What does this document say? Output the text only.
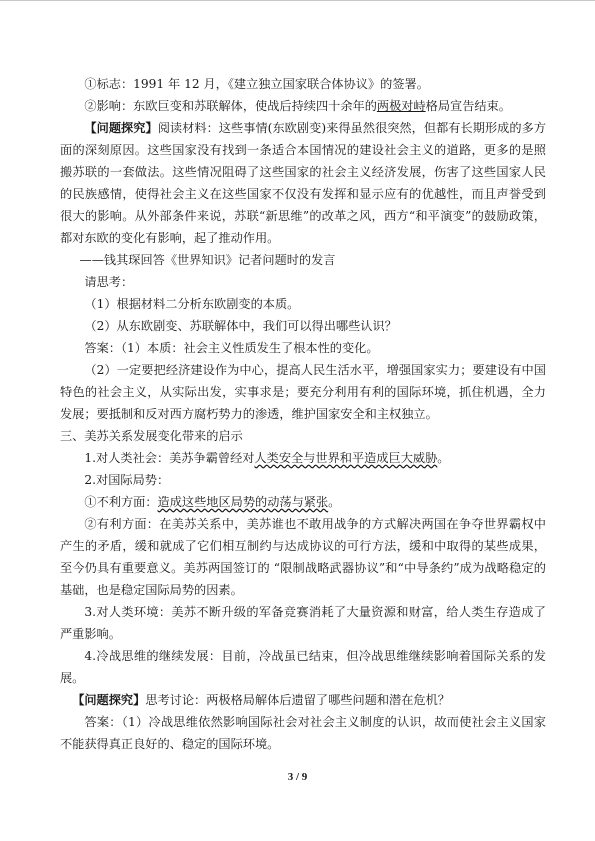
①标志：1991 年 12 月，《建立独立国家联合体协议》的签署。

②影响：东欧巨变和苏联解体，使战后持续四十余年的两极对峙格局宣告结束。

【问题探究】阅读材料：这些事情(东欧剧变)来得虽然很突然，但都有长期形成的多方面的深刻原因。这些国家没有找到一条适合本国情况的建设社会主义的道路，更多的是照搬苏联的一套做法。这些情况阻碍了这些国家的社会主义经济发展，伤害了这些国家人民的民族感情，使得社会主义在这些国家不仅没有发挥和显示应有的优越性，而且声誉受到很大的影响。从外部条件来说，苏联“新思维”的改革之风，西方“和平演变”的鼓励政策，都对东欧的变化有影响，起了推动作用。

——钱其琛回答《世界知识》记者问题时的发言

请思考：

（1）根据材料二分析东欧剧变的本质。

（2）从东欧剧变、苏联解体中，我们可以得出哪些认识？

答案：（1）本质：社会主义性质发生了根本性的变化。

（2）一定要把经济建设作为中心，提高人民生活水平，增强国家实力；要建设有中国特色的社会主义，从实际出发，实事求是；要充分利用有利的国际环境，抓住机遇，全力发展；要抵制和反对西方腐朽势力的渗透，维护国家安全和主权独立。

三、美苏关系发展变化带来的启示

1.对人类社会：美苏争霸曾经对人类安全与世界和平造成巨大威胁。

2.对国际局势：

①不利方面：造成这些地区局势的动荡与紧张。

②有利方面：在美苏关系中，美苏谁也不敢用战争的方式解决两国在争夺世界霸权中产生的矛盾，缓和就成了它们相互制约与达成协议的可行方法，缓和中取得的某些成果，至今仍具有重要意义。美苏两国签订的 “限制战略武器协议”和“中导条约”成为战略稳定的基础，也是稳定国际局势的因素。

3.对人类环境：美苏不断升级的军备竞赛消耗了大量资源和财富，给人类生存造成了严重影响。

4.冷战思维的继续发展：目前，冷战虽已结束，但冷战思维继续影响着国际关系的发展。

【问题探究】思考讨论：两极格局解体后遗留了哪些问题和潜在危机？

答案：（1）冷战思维依然影响国际社会对社会主义制度的认识，故而使社会主义国家不能获得真正良好的、稳定的国际环境。

3 / 9
